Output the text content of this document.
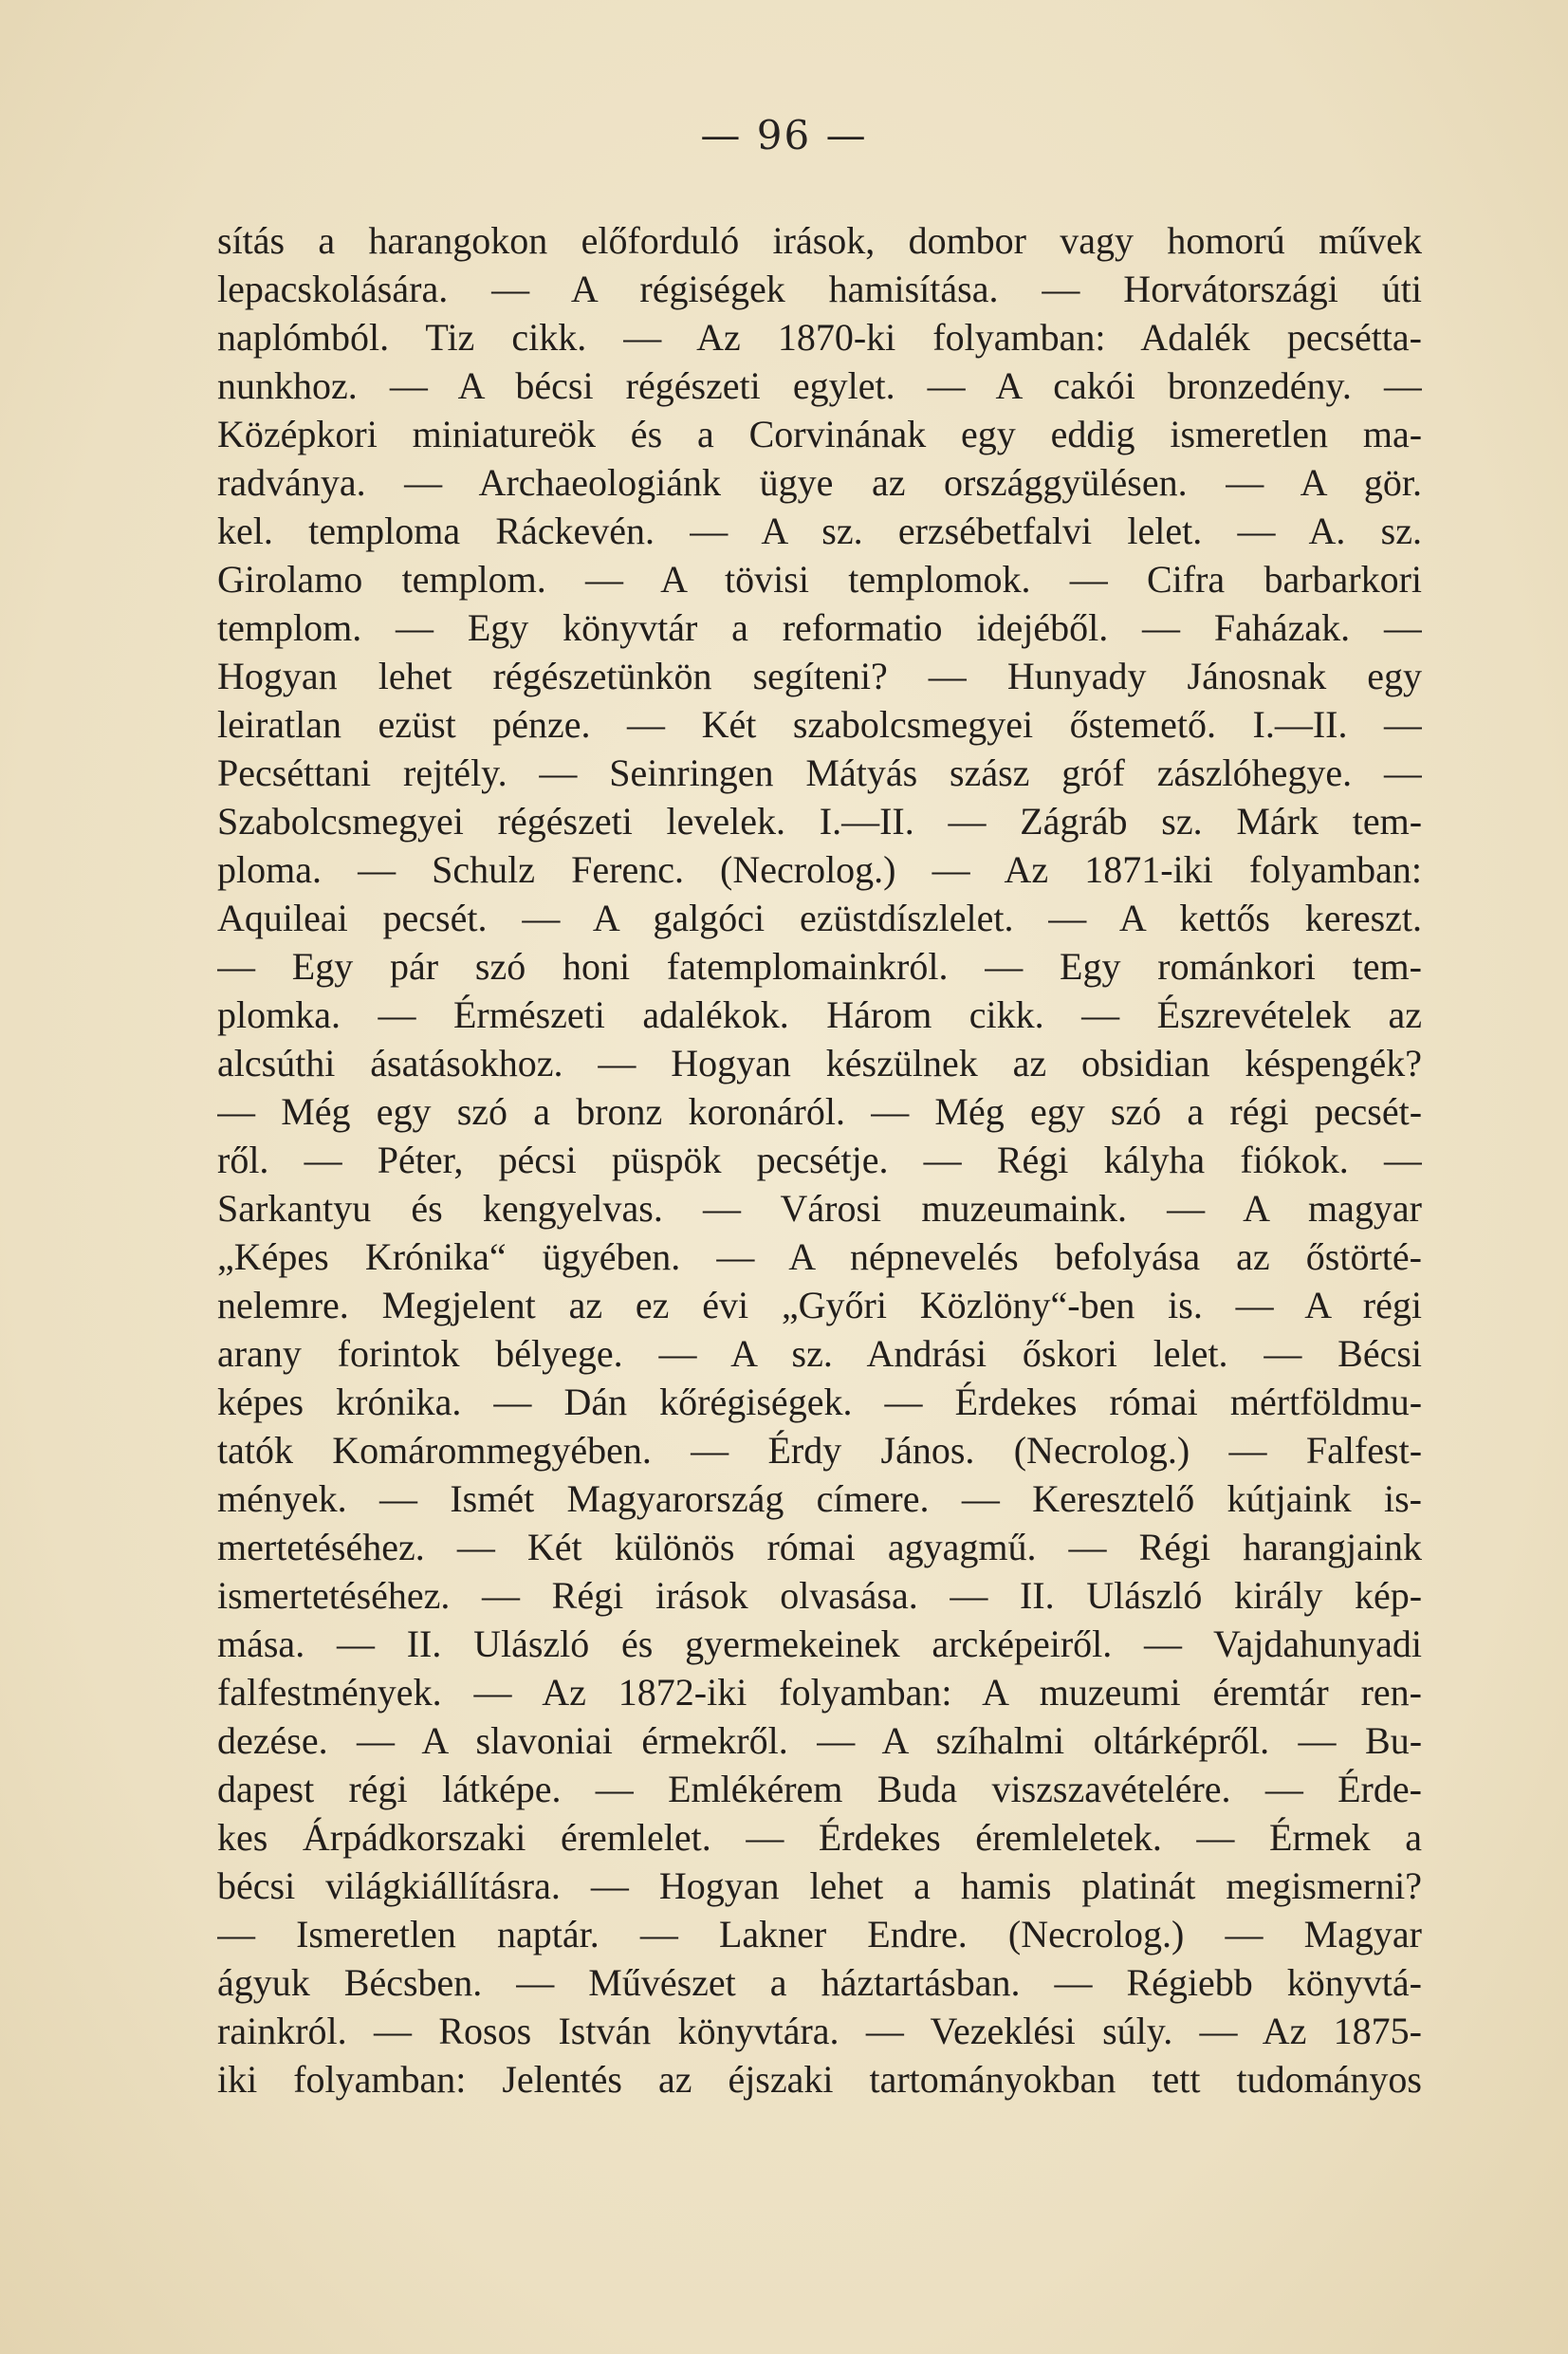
— 96 —
sítás a harangokon előforduló irások, dombor vagy homorú művek
lepacskolására. — A régiségek hamisítása. — Horvátországi úti
naplómból. Tiz cikk. — Az 1870-ki folyamban: Adalék pecsétta-
nunkhoz. — A bécsi régészeti egylet. — A cakói bronzedény. —
Középkori miniatureök és a Corvinának egy eddig ismeretlen ma-
radványa. — Archaeologiánk ügye az országgyülésen. — A gör.
kel. temploma Ráckevén. — A sz. erzsébetfalvi lelet. — A. sz.
Girolamo templom. — A tövisi templomok. — Cifra barbarkori
templom. — Egy könyvtár a reformatio idejéből. — Faházak. —
Hogyan lehet régészetünkön segíteni? — Hunyady Jánosnak egy
leiratlan ezüst pénze. — Két szabolcsmegyei őstemető. I.—II. —
Pecséttani rejtély. — Seinringen Mátyás szász gróf zászlóhegye. —
Szabolcsmegyei régészeti levelek. I.—II. — Zágráb sz. Márk tem-
ploma. — Schulz Ferenc. (Necrolog.) — Az 1871-iki folyamban:
Aquileai pecsét. — A galgóci ezüstdíszlelet. — A kettős kereszt.
— Egy pár szó honi fatemplomainkról. — Egy románkori tem-
plomka. — Érmészeti adalékok. Három cikk. — Észrevételek az
alcsúthi ásatásokhoz. — Hogyan készülnek az obsidian késpengék?
— Még egy szó a bronz koronáról. — Még egy szó a régi pecsét-
ről. — Péter, pécsi püspök pecsétje. — Régi kályha fiókok. —
Sarkantyu és kengyelvas. — Városi muzeumaink. — A magyar
„Képes Krónika“ ügyében. — A népnevelés befolyása az őstörté-
nelemre. Megjelent az ez évi „Győri Közlöny“-ben is. — A régi
arany forintok bélyege. — A sz. Andrási őskori lelet. — Bécsi
képes krónika. — Dán kőrégiségek. — Érdekes római mértföldmu-
tatók Komárommegyében. — Érdy János. (Necrolog.) — Falfest-
mények. — Ismét Magyarország címere. — Keresztelő kútjaink is-
mertetéséhez. — Két különös római agyagmű. — Régi harangjaink
ismertetéséhez. — Régi irások olvasása. — II. Ulászló király kép-
mása. — II. Ulászló és gyermekeinek arcképeiről. — Vajdahunyadi
falfestmények. — Az 1872-iki folyamban: A muzeumi éremtár ren-
dezése. — A slavoniai érmekről. — A szíhalmi oltárképről. — Bu-
dapest régi látképe. — Emlékérem Buda viszszavételére. — Érde-
kes Árpádkorszaki éremlelet. — Érdekes éremleletek. — Érmek a
bécsi világkiállításra. — Hogyan lehet a hamis platinát megismerni?
— Ismeretlen naptár. — Lakner Endre. (Necrolog.) — Magyar
ágyuk Bécsben. — Művészet a háztartásban. — Régiebb könyvtá-
rainkról. — Rosos István könyvtára. — Vezeklési súly. — Az 1875-
iki folyamban: Jelentés az éjszaki tartományokban tett tudományos
